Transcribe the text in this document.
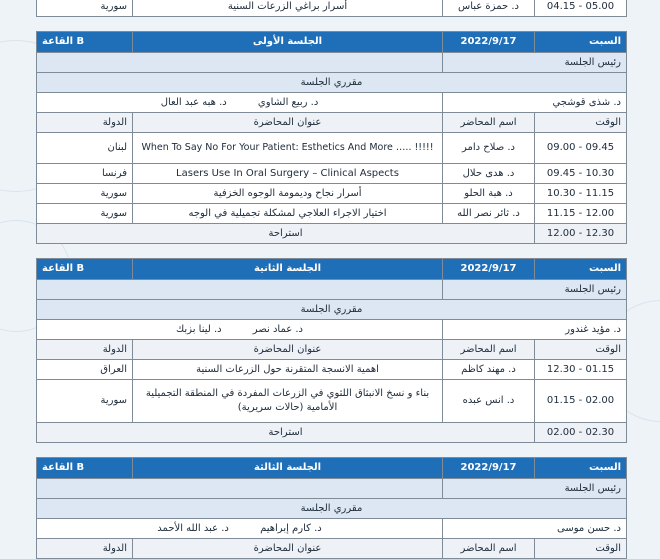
سورية	أسرار براغي الزرعات السنية	د. حمزة عباس	04.15 - 05.00
القاعة B	الجلسة الأولى	2022/9/17	السبت
		رئيس الجلسة	
مقرري الجلسة			
د. هبه عبد العال د. ربيع الشاوي		د. شذى قوشجي	
الدولة	عنوان المحاضرة	اسم المحاضر	الوقت
لبنان	When To Say No For Your Patient: Esthetics And More ….. !!!!!	د. صلاح دامر	09.00 - 09.45
فرنسا	Lasers Use In Oral Surgery – Clinical Aspects	د. هدى حلال	09.45 - 10.30
سورية	أسرار نجاح وديمومة الوجوه الخزفية	د. هبة الحلو	10.30 - 11.15
سورية	اختيار الاجراء العلاجي لمشكلة تجميلية في الوجه	د. ثائر نصر الله	11.15 - 12.00
استراحة			12.00 - 12.30
القاعة B	الجلسة الثانية	2022/9/17	السبت
		رئيس الجلسة	
مقرري الجلسة			
د. لينا بزبك د. عماد نصر		د. مؤيد غندور	
الدولة	عنوان المحاضرة	اسم المحاضر	الوقت
العراق	اهمية الانسجة المتقرنة حول الزرعات السنية	د. مهند كاظم	12.30 - 01.15
سورية	بناء و نسخ الانبثاق اللثوي في الزرعات المفردة في المنطقة التجميلية الأمامية (حالات سريرية)	د. انس عبده	01.15 - 02.00
استراحة			02.00 - 02.30
القاعة B	الجلسة الثالثة	2022/9/17	السبت
		رئيس الجلسة	
مقرري الجلسة			
د. عبد الله الأحمد د. كارم إبراهيم		د. حسن موسى	
الدولة	عنوان المحاضرة	اسم المحاضر	الوقت
